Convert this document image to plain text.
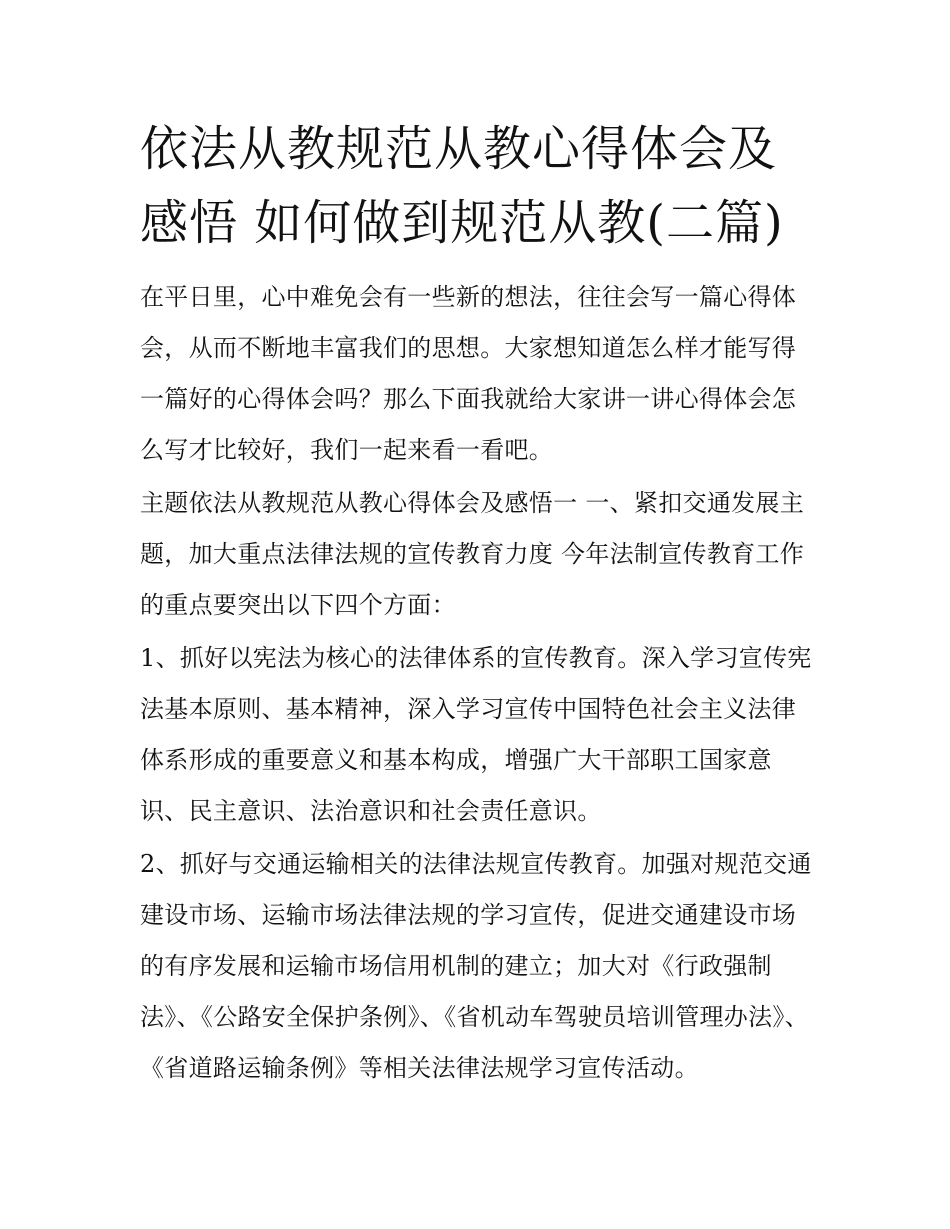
依法从教规范从教心得体会及感悟 如何做到规范从教(二篇)

在平日里，心中难免会有一些新的想法，往往会写一篇心得体会，从而不断地丰富我们的思想。大家想知道怎么样才能写得一篇好的心得体会吗？那么下面我就给大家讲一讲心得体会怎么写才比较好，我们一起来看一看吧。

主题依法从教规范从教心得体会及感悟一 一、紧扣交通发展主题，加大重点法律法规的宣传教育力度 今年法制宣传教育工作的重点要突出以下四个方面：

1、抓好以宪法为核心的法律体系的宣传教育。深入学习宣传宪法基本原则、基本精神，深入学习宣传中国特色社会主义法律体系形成的重要意义和基本构成，增强广大干部职工国家意识、民主意识、法治意识和社会责任意识。

2、抓好与交通运输相关的法律法规宣传教育。加强对规范交通建设市场、运输市场法律法规的学习宣传，促进交通建设市场的有序发展和运输市场信用机制的建立；加大对《行政强制法》、《公路安全保护条例》、《省机动车驾驶员培训管理办法》、《省道路运输条例》等相关法律法规学习宣传活动。
